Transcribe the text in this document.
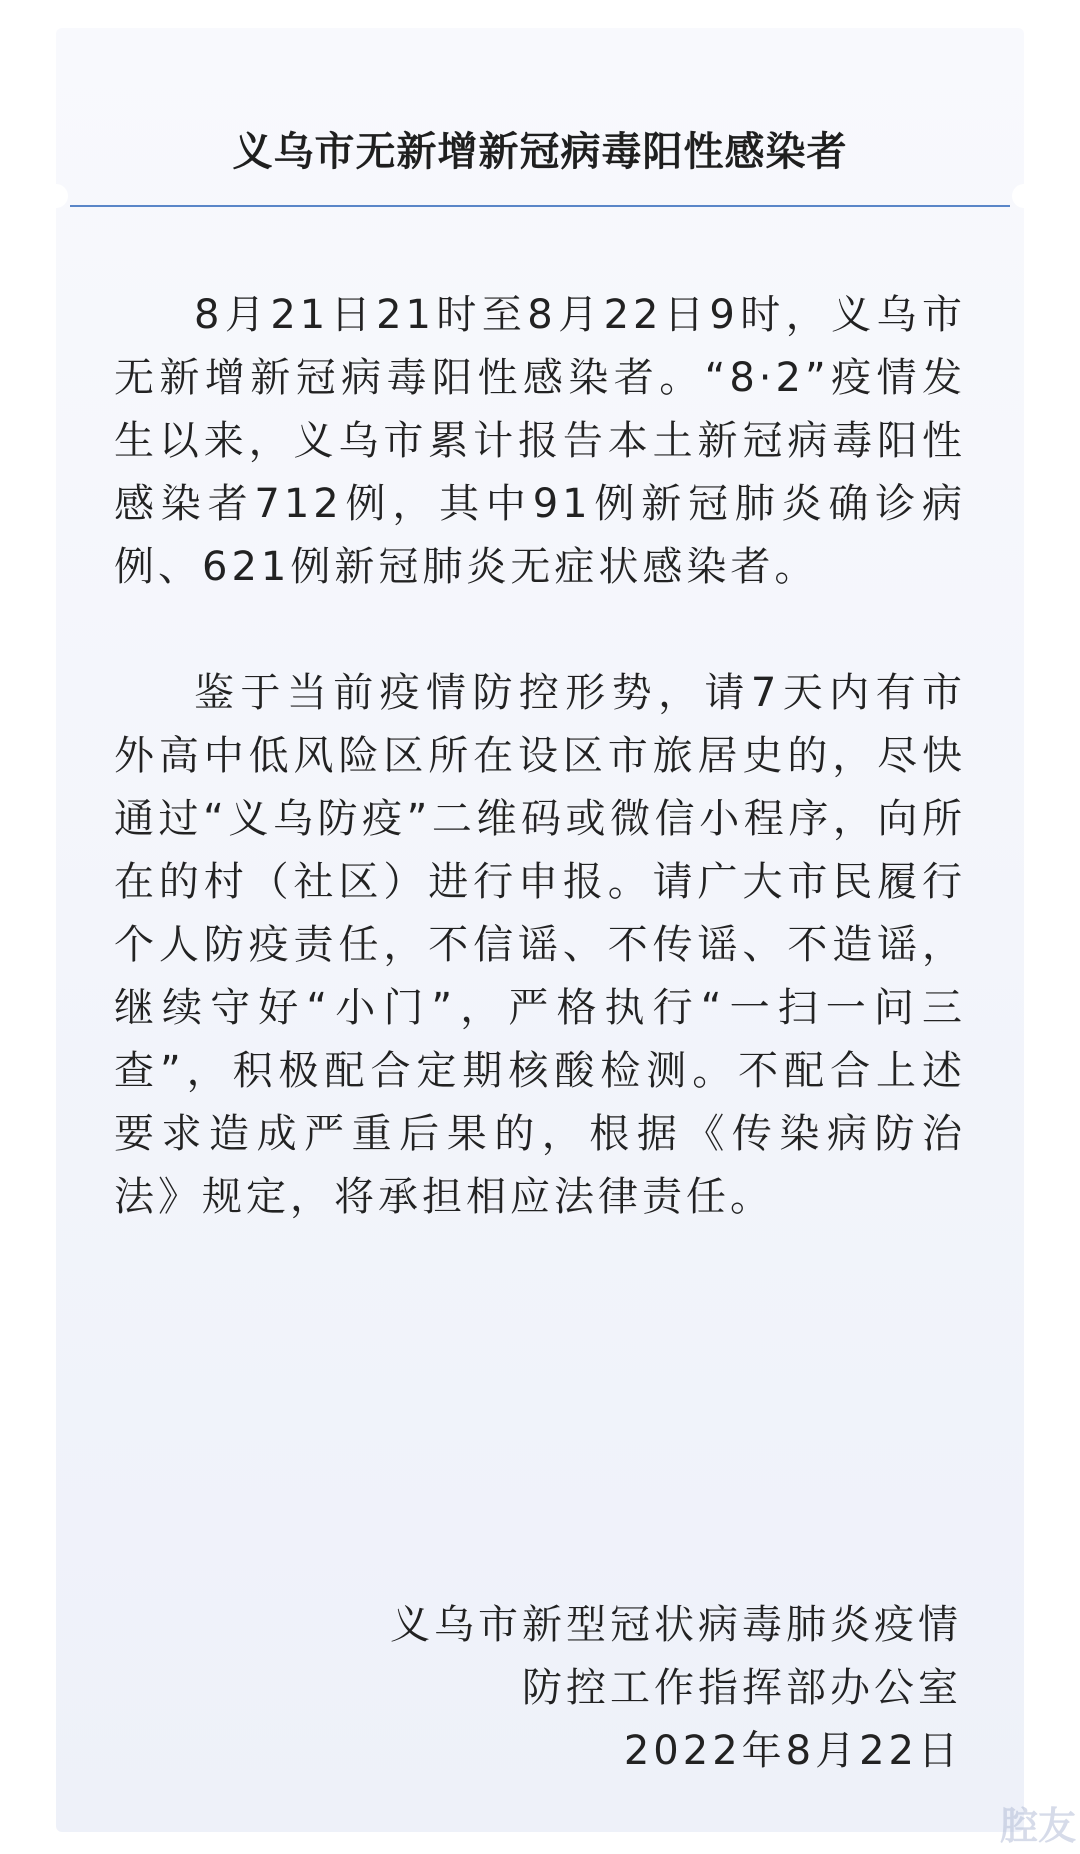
义乌市无新增新冠病毒阳性感染者

8月21日21时至8月22日9时，义乌市无新增新冠病毒阳性感染者。“8·2”疫情发生以来，义乌市累计报告本土新冠病毒阳性感染者712例，其中91例新冠肺炎确诊病例、621例新冠肺炎无症状感染者。

鉴于当前疫情防控形势，请7天内有市外高中低风险区所在设区市旅居史的，尽快通过“义乌防疫”二维码或微信小程序，向所在的村（社区）进行申报。请广大市民履行个人防疫责任，不信谣、不传谣、不造谣，继续守好“小门”，严格执行“一扫一问三查”，积极配合定期核酸检测。不配合上述要求造成严重后果的，根据《传染病防治法》规定，将承担相应法律责任。

义乌市新型冠状病毒肺炎疫情
防控工作指挥部办公室
2022年8月22日
腔友
